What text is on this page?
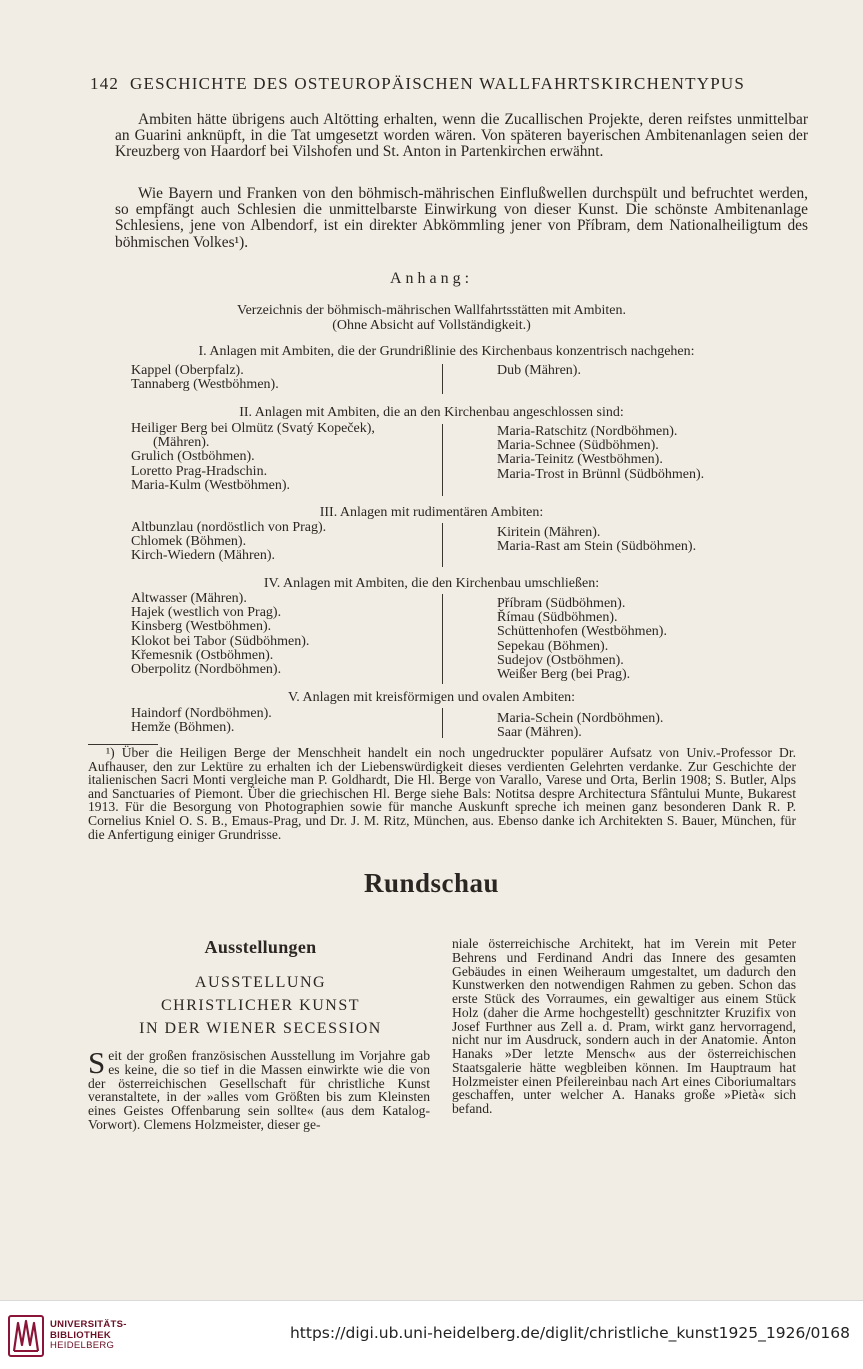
142 GESCHICHTE DES OSTEUROPÄISCHEN WALLFAHRTSKIRCHENTYPUS

Ambiten hätte übrigens auch Altötting erhalten, wenn die Zucallischen Projekte, deren reifstes unmittelbar an Guarini anknüpft, in die Tat umgesetzt worden wären. Von späteren bayerischen Ambitenanlagen seien der Kreuzberg von Haardorf bei Vilshofen und St. Anton in Partenkirchen erwähnt.

Wie Bayern und Franken von den böhmisch-mährischen Einflußwellen durchspült und befruchtet werden, so empfängt auch Schlesien die unmittelbarste Einwirkung von dieser Kunst. Die schönste Ambitenanlage Schlesiens, jene von Albendorf, ist ein direkter Abkömmling jener von Příbram, dem Nationalheiligtum des böhmischen Volkes¹).

Anhang:
Verzeichnis der böhmisch-mährischen Wallfahrtsstätten mit Ambiten.
(Ohne Absicht auf Vollständigkeit.)
I. Anlagen mit Ambiten, die der Grundrißlinie des Kirchenbaus konzentrisch nachgehen:
Kappel (Oberpfalz).
Tannaberg (Westböhmen).
Dub (Mähren).
II. Anlagen mit Ambiten, die an den Kirchenbau angeschlossen sind:
Heiliger Berg bei Olmütz (Svatý Kopeček),
(Mähren).
Grulich (Ostböhmen).
Loretto Prag-Hradschin.
Maria-Kulm (Westböhmen).
Maria-Ratschitz (Nordböhmen).
Maria-Schnee (Südböhmen).
Maria-Teinitz (Westböhmen).
Maria-Trost in Brünnl (Südböhmen).
III. Anlagen mit rudimentären Ambiten:
Altbunzlau (nordöstlich von Prag).
Chlomek (Böhmen).
Kirch-Wiedern (Mähren).
Kiritein (Mähren).
Maria-Rast am Stein (Südböhmen).
IV. Anlagen mit Ambiten, die den Kirchenbau umschließen:
Altwasser (Mähren).
Hajek (westlich von Prag).
Kinsberg (Westböhmen).
Klokot bei Tabor (Südböhmen).
Křemesnik (Ostböhmen).
Oberpolitz (Nordböhmen).
Příbram (Südböhmen).
Římau (Südböhmen).
Schüttenhofen (Westböhmen).
Sepekau (Böhmen).
Sudejov (Ostböhmen).
Weißer Berg (bei Prag).
V. Anlagen mit kreisförmigen und ovalen Ambiten:
Haindorf (Nordböhmen).
Hemže (Böhmen).
Maria-Schein (Nordböhmen).
Saar (Mähren).

¹) Über die Heiligen Berge der Menschheit handelt ein noch ungedruckter populärer Aufsatz von Univ.-Professor Dr. Aufhauser, den zur Lektüre zu erhalten ich der Liebenswürdigkeit dieses verdienten Gelehrten verdanke. Zur Geschichte der italienischen Sacri Monti vergleiche man P. Goldhardt, Die Hl. Berge von Varallo, Varese und Orta, Berlin 1908; S. Butler, Alps and Sanctuaries of Piemont. Über die griechischen Hl. Berge siehe Bals: Notitsa despre Architectura Sfântului Munte, Bukarest 1913. Für die Besorgung von Photographien sowie für manche Auskunft spreche ich meinen ganz besonderen Dank R. P. Cornelius Kniel O. S. B., Emaus-Prag, und Dr. J. M. Ritz, München, aus. Ebenso danke ich Architekten S. Bauer, München, für die Anfertigung einiger Grundrisse.

Rundschau
Ausstellungen
AUSSTELLUNG
CHRISTLICHER KUNST
IN DER WIENER SECESSION

Seit der großen französischen Ausstellung im Vorjahre gab es keine, die so tief in die Massen einwirkte wie die von der österreichischen Gesellschaft für christliche Kunst veranstaltete, in der »alles vom Größten bis zum Kleinsten eines Geistes Offenbarung sein sollte« (aus dem Katalog-Vorwort). Clemens Holzmeister, dieser ge-

niale österreichische Architekt, hat im Verein mit Peter Behrens und Ferdinand Andri das Innere des gesamten Gebäudes in einen Weiheraum umgestaltet, um dadurch den Kunstwerken den notwendigen Rahmen zu geben. Schon das erste Stück des Vorraumes, ein gewaltiger aus einem Stück Holz (daher die Arme hochgestellt) geschnitzter Kruzifix von Josef Furthner aus Zell a. d. Pram, wirkt ganz hervorragend, nicht nur im Ausdruck, sondern auch in der Anatomie. Anton Hanaks »Der letzte Mensch« aus der österreichischen Staatsgalerie hätte wegbleiben können. Im Hauptraum hat Holzmeister einen Pfeilereinbau nach Art eines Ciboriumaltars geschaffen, unter welcher A. Hanaks große »Pietà« sich befand.

UNIVERSITÄTS-
BIBLIOTHEK
HEIDELBERG
https://digi.ub.uni-heidelberg.de/diglit/christliche_kunst1925_1926/0168
